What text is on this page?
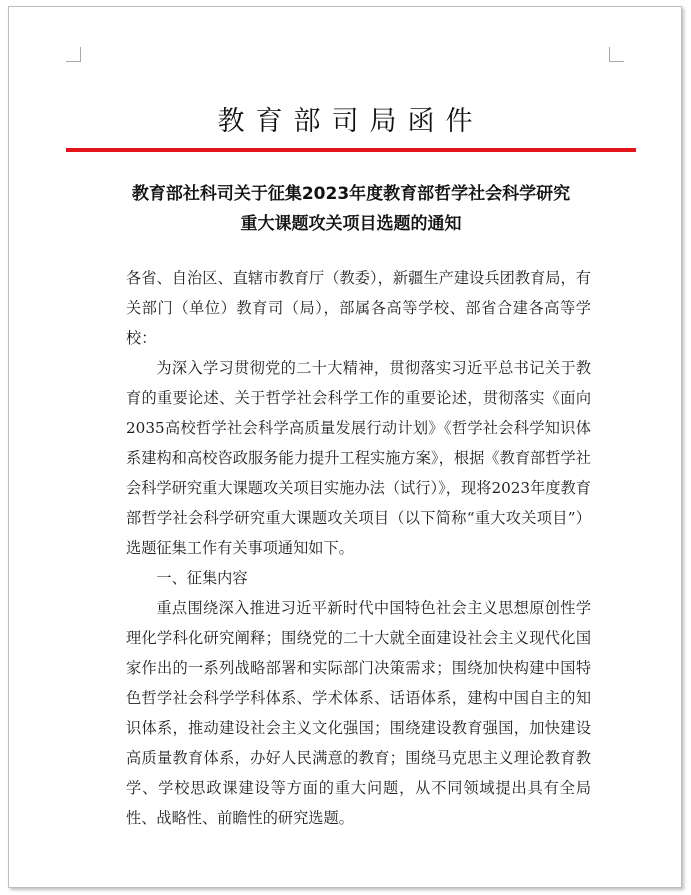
教育部司局函件
教育部社科司关于征集2023年度教育部哲学社会科学研究
重大课题攻关项目选题的通知

各省、自治区、直辖市教育厅（教委），新疆生产建设兵团教育局，有关部门（单位）教育司（局），部属各高等学校、部省合建各高等学校：

为深入学习贯彻党的二十大精神，贯彻落实习近平总书记关于教育的重要论述、关于哲学社会科学工作的重要论述，贯彻落实《面向2035高校哲学社会科学高质量发展行动计划》《哲学社会科学知识体系建构和高校咨政服务能力提升工程实施方案》，根据《教育部哲学社会科学研究重大课题攻关项目实施办法（试行）》，现将2023年度教育部哲学社会科学研究重大课题攻关项目（以下简称“重大攻关项目”）选题征集工作有关事项通知如下。

一、征集内容

重点围绕深入推进习近平新时代中国特色社会主义思想原创性学理化学科化研究阐释；围绕党的二十大就全面建设社会主义现代化国家作出的一系列战略部署和实际部门决策需求；围绕加快构建中国特色哲学社会科学学科体系、学术体系、话语体系，建构中国自主的知识体系，推动建设社会主义文化强国；围绕建设教育强国，加快建设高质量教育体系，办好人民满意的教育；围绕马克思主义理论教育教学、学校思政课建设等方面的重大问题，从不同领域提出具有全局性、战略性、前瞻性的研究选题。
